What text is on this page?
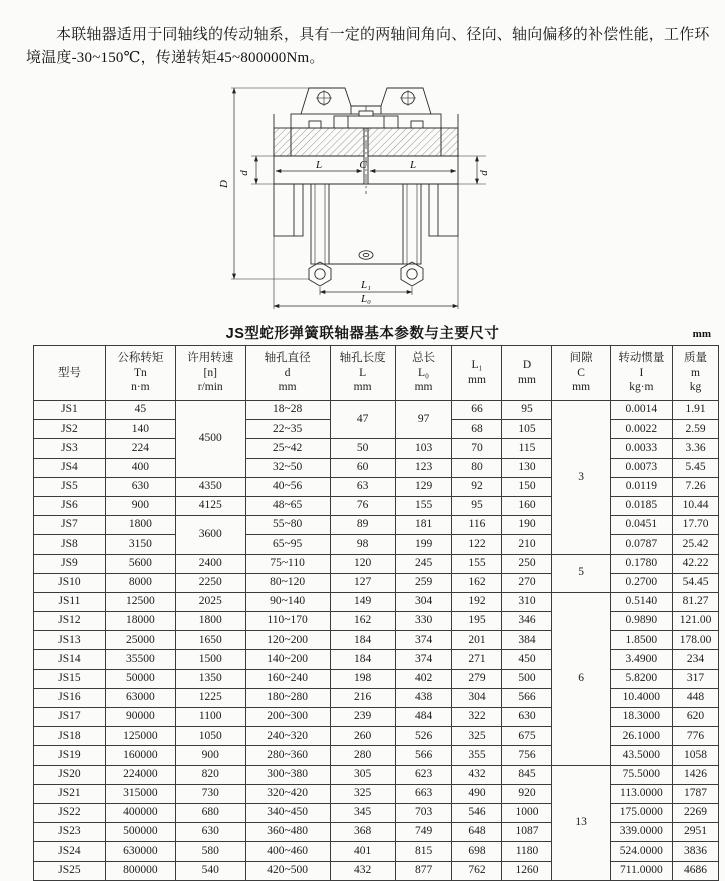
本联轴器适用于同轴线的传动轴系，具有一定的两轴间角向、径向、轴向偏移的补偿性能，工作环境温度-30~150℃，传递转矩45~800000Nm。

D
d	d
L	C	L
L₁
L₀
JS型蛇形弹簧联轴器基本参数与主要尺寸	mm
型号	公称转矩
Tn
n·m	许用转速
[n]
r/min	轴孔直径
d
mm	轴孔长度
L
mm	总长
L₀
mm	L₁
mm	D
mm	间隙
C
mm	转动惯量
I
kg·m	质量
m
kg
JS1	45	4500	18~28	47	97	66	95	3	0.0014	1.91
JS2	140		22~35			68	105		0.0022	2.59
JS3	224		25~42	50	103	70	115		0.0033	3.36
JS4	400		32~50	60	123	80	130		0.0073	5.45
JS5	630	4350	40~56	63	129	92	150		0.0119	7.26
JS6	900	4125	48~65	76	155	95	160		0.0185	10.44
JS7	1800	3600	55~80	89	181	116	190		0.0451	17.70
JS8	3150		65~95	98	199	122	210		0.0787	25.42
JS9	5600	2400	75~110	120	245	155	250	5	0.1780	42.22
JS10	8000	2250	80~120	127	259	162	270		0.2700	54.45
JS11	12500	2025	90~140	149	304	192	310	6	0.5140	81.27
JS12	18000	1800	110~170	162	330	195	346		0.9890	121.00
JS13	25000	1650	120~200	184	374	201	384		1.8500	178.00
JS14	35500	1500	140~200	184	374	271	450		3.4900	234
JS15	50000	1350	160~240	198	402	279	500		5.8200	317
JS16	63000	1225	180~280	216	438	304	566		10.4000	448
JS17	90000	1100	200~300	239	484	322	630		18.3000	620
JS18	125000	1050	240~320	260	526	325	675		26.1000	776
JS19	160000	900	280~360	280	566	355	756		43.5000	1058
JS20	224000	820	300~380	305	623	432	845	13	75.5000	1426
JS21	315000	730	320~420	325	663	490	920		113.0000	1787
JS22	400000	680	340~450	345	703	546	1000		175.0000	2269
JS23	500000	630	360~480	368	749	648	1087		339.0000	2951
JS24	630000	580	400~460	401	815	698	1180		524.0000	3836
JS25	800000	540	420~500	432	877	762	1260		711.0000	4686
